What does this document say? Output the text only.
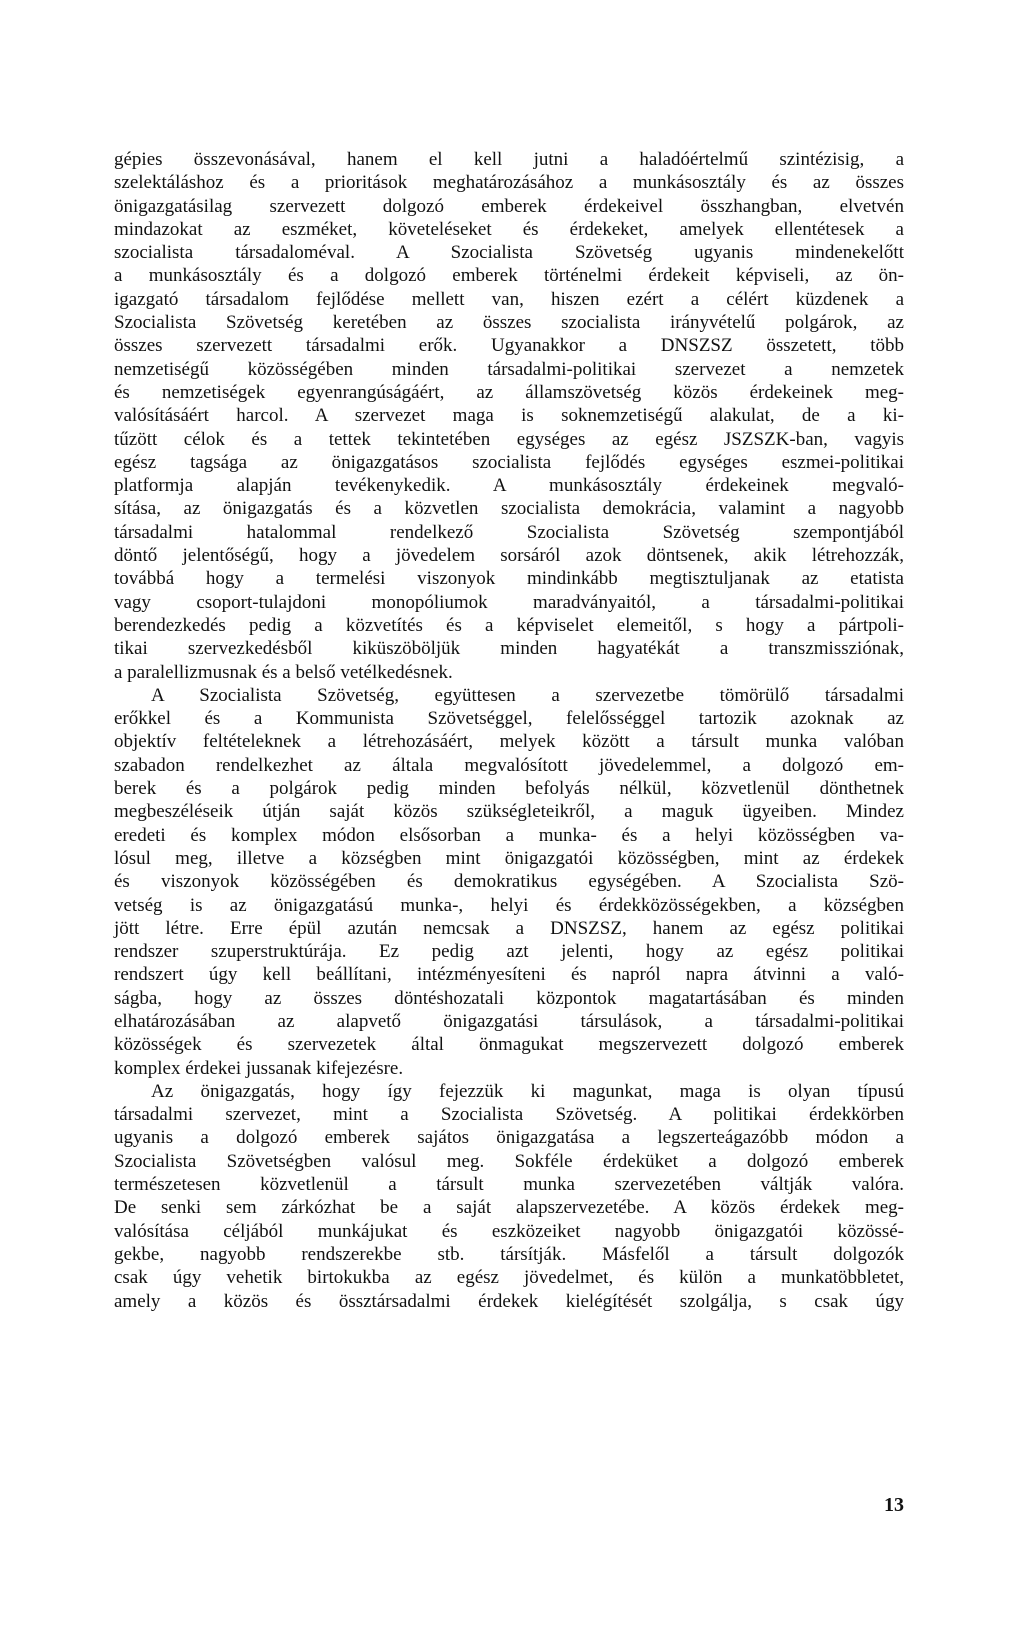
gépies összevonásával, hanem el kell jutni a haladóértelmű szintézisig, a
szelektáláshoz és a prioritások meghatározásához a munkásosztály és az összes
önigazgatásilag szervezett dolgozó emberek érdekeivel összhangban, elvetvén
mindazokat az eszméket, követeléseket és érdekeket, amelyek ellentétesek a
szocialista társadaloméval. A Szocialista Szövetség ugyanis mindenekelőtt
a munkásosztály és a dolgozó emberek történelmi érdekeit képviseli, az ön-
igazgató társadalom fejlődése mellett van, hiszen ezért a célért küzdenek a
Szocialista Szövetség keretében az összes szocialista irányvételű polgárok, az
összes szervezett társadalmi erők. Ugyanakkor a DNSZSZ összetett, több
nemzetiségű közösségében minden társadalmi-politikai szervezet a nemzetek
és nemzetiségek egyenrangúságáért, az államszövetség közös érdekeinek meg-
valósításáért harcol. A szervezet maga is soknemzetiségű alakulat, de a ki-
tűzött célok és a tettek tekintetében egységes az egész JSZSZK-ban, vagyis
egész tagsága az önigazgatásos szocialista fejlődés egységes eszmei-politikai
platformja alapján tevékenykedik. A munkásosztály érdekeinek megvaló-
sítása, az önigazgatás és a közvetlen szocialista demokrácia, valamint a nagyobb
társadalmi hatalommal rendelkező Szocialista Szövetség szempontjából
döntő jelentőségű, hogy a jövedelem sorsáról azok döntsenek, akik létrehozzák,
továbbá hogy a termelési viszonyok mindinkább megtisztuljanak az etatista
vagy csoport-tulajdoni monopóliumok maradványaitól, a társadalmi-politikai
berendezkedés pedig a közvetítés és a képviselet elemeitől, s hogy a pártpoli-
tikai szervezkedésből kiküszöböljük minden hagyatékát a transzmissziónak,
a paralellizmusnak és a belső vetélkedésnek.
A Szocialista Szövetség, együttesen a szervezetbe tömörülő társadalmi
erőkkel és a Kommunista Szövetséggel, felelősséggel tartozik azoknak az
objektív feltételeknek a létrehozásáért, melyek között a társult munka valóban
szabadon rendelkezhet az általa megvalósított jövedelemmel, a dolgozó em-
berek és a polgárok pedig minden befolyás nélkül, közvetlenül dönthetnek
megbeszéléseik útján saját közös szükségleteikről, a maguk ügyeiben. Mindez
eredeti és komplex módon elsősorban a munka- és a helyi közösségben va-
lósul meg, illetve a községben mint önigazgatói közösségben, mint az érdekek
és viszonyok közösségében és demokratikus egységében. A Szocialista Szö-
vetség is az önigazgatású munka-, helyi és érdekközösségekben, a községben
jött létre. Erre épül azután nemcsak a DNSZSZ, hanem az egész politikai
rendszer szuperstruktúrája. Ez pedig azt jelenti, hogy az egész politikai
rendszert úgy kell beállítani, intézményesíteni és napról napra átvinni a való-
ságba, hogy az összes döntéshozatali központok magatartásában és minden
elhatározásában az alapvető önigazgatási társulások, a társadalmi-politikai
közösségek és szervezetek által önmagukat megszervezett dolgozó emberek
komplex érdekei jussanak kifejezésre.
Az önigazgatás, hogy így fejezzük ki magunkat, maga is olyan típusú
társadalmi szervezet, mint a Szocialista Szövetség. A politikai érdekkörben
ugyanis a dolgozó emberek sajátos önigazgatása a legszerteágazóbb módon a
Szocialista Szövetségben valósul meg. Sokféle érdeküket a dolgozó emberek
természetesen közvetlenül a társult munka szervezetében váltják valóra.
De senki sem zárkózhat be a saját alapszervezetébe. A közös érdekek meg-
valósítása céljából munkájukat és eszközeiket nagyobb önigazgatói közössé-
gekbe, nagyobb rendszerekbe stb. társítják. Másfelől a társult dolgozók
csak úgy vehetik birtokukba az egész jövedelmet, és külön a munkatöbbletet,
amely a közös és össztársadalmi érdekek kielégítését szolgálja, s csak úgy
13
